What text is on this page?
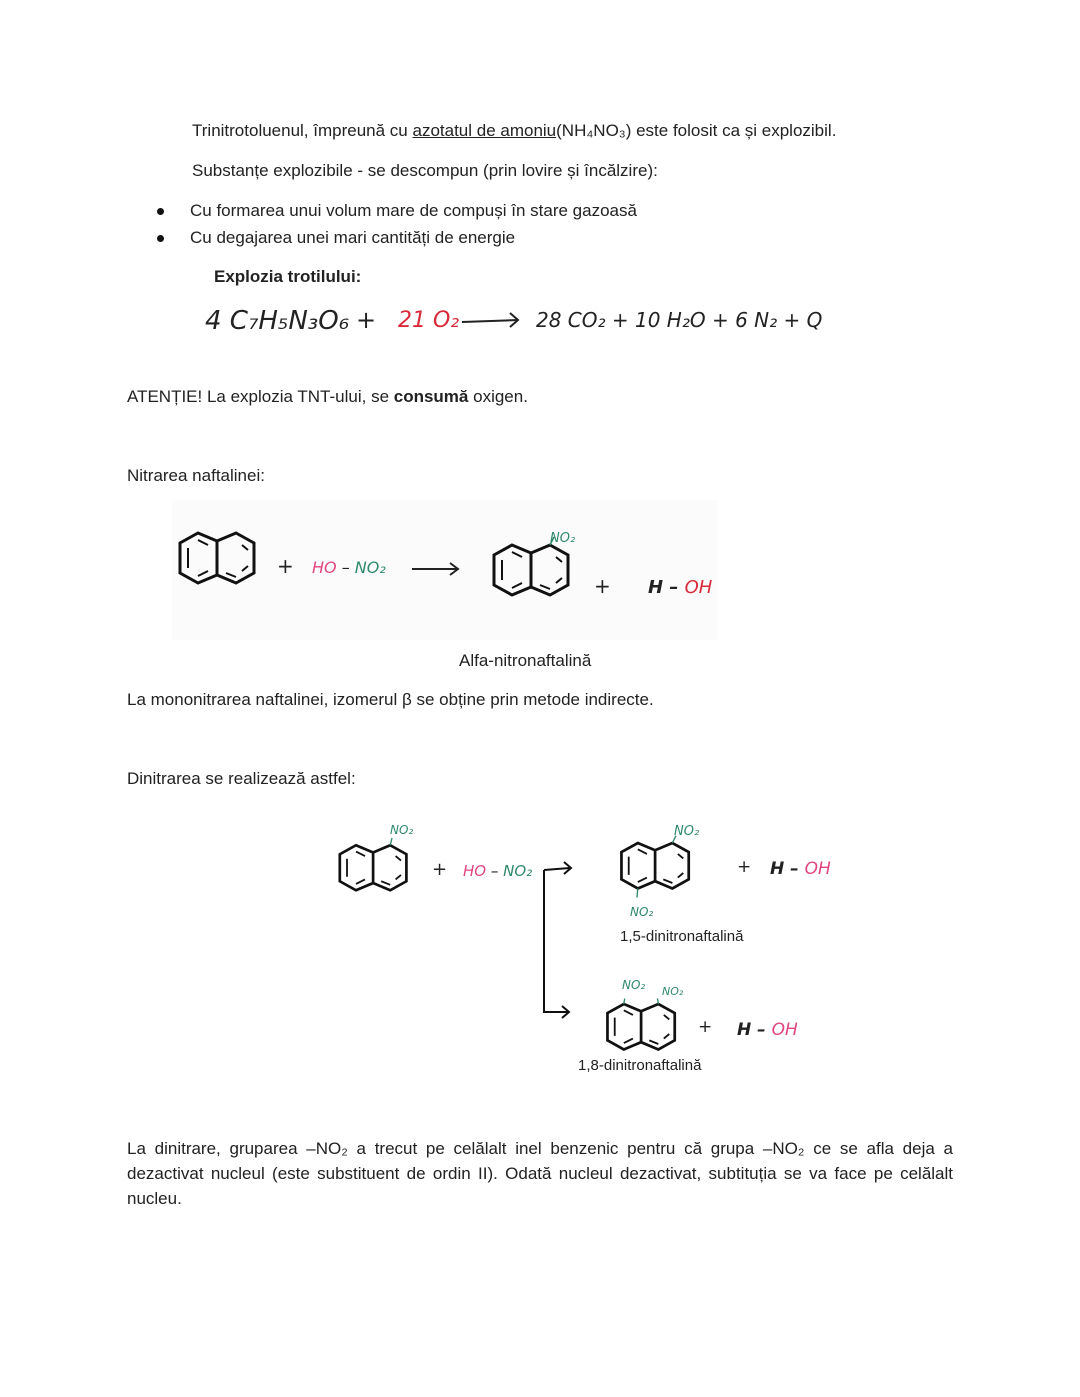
Trinitrotoluenul, împreună cu azotatul de amoniu(NH₄NO₃) este folosit ca și explozibil.
Substanțe explozibile - se descompun (prin lovire și încălzire):
Cu formarea unui volum mare de compuși în stare gazoasă
Cu degajarea unei mari cantități de energie
Explozia trotilului:
4 C₇H₅N₃O₆ + 21 O₂ → 28 CO₂ + 10 H₂O + 6 N₂ + Q
ATENȚIE! La explozia TNT-ului, se consumă oxigen.
Nitrarea naftalinei:
+ HO – NO₂ →
NO₂
+ H – OH
Alfa-nitronaftalină
La mononitrarea naftalinei, izomerul β se obține prin metode indirecte.
Dinitrarea se realizează astfel:
NO₂
+ HO – NO₂
NO₂
NO₂
+ H – OH
1,5-dinitronaftalină
NO₂ NO₂
+ H – OH
1,8-dinitronaftalină
La dinitrare, gruparea –NO₂ a trecut pe celălalt inel benzenic pentru că grupa –NO₂ ce se afla deja a dezactivat nucleul (este substituent de ordin II). Odată nucleul dezactivat, subtituția se va face pe celălalt nucleu.
